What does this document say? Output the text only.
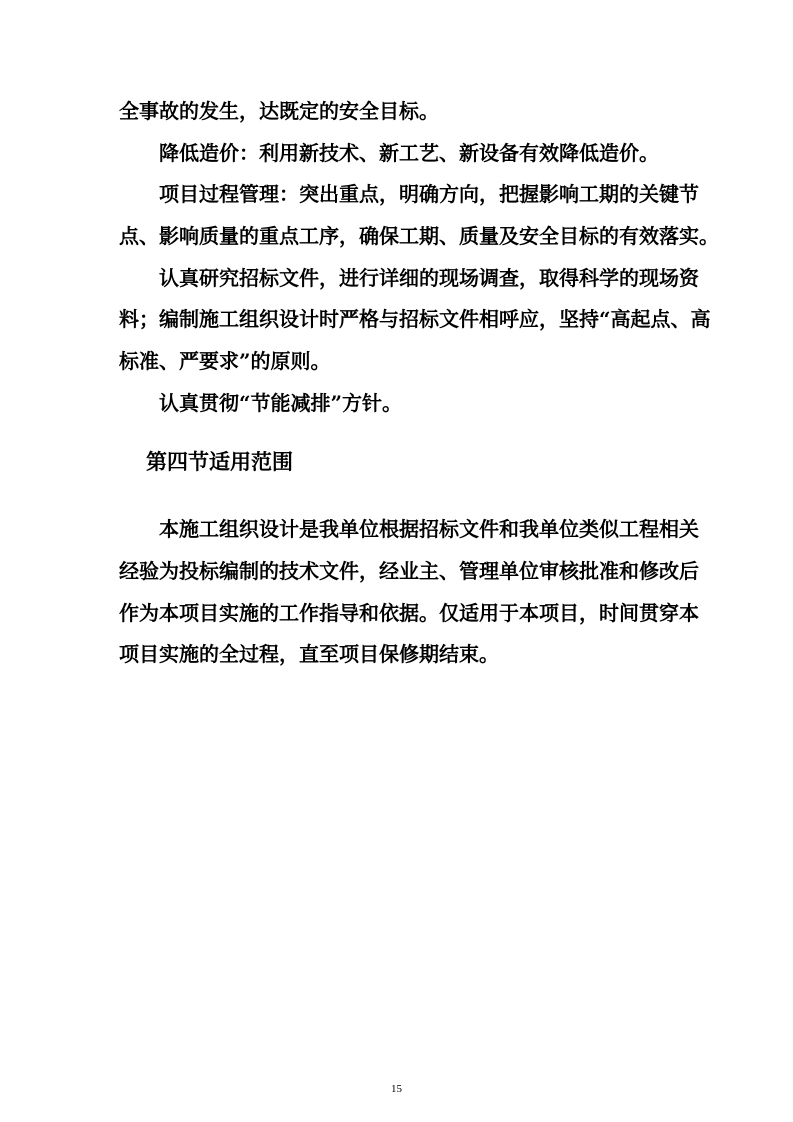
全事故的发生，达既定的安全目标。

降低造价：利用新技术、新工艺、新设备有效降低造价。

项目过程管理：突出重点，明确方向，把握影响工期的关键节

点、影响质量的重点工序，确保工期、质量及安全目标的有效落实。

认真研究招标文件，进行详细的现场调查，取得科学的现场资

料；编制施工组织设计时严格与招标文件相呼应，坚持“高起点、高

标准、严要求”的原则。

认真贯彻“节能减排”方针。

第四节适用范围

本施工组织设计是我单位根据招标文件和我单位类似工程相关

经验为投标编制的技术文件，经业主、管理单位审核批准和修改后

作为本项目实施的工作指导和依据。仅适用于本项目，时间贯穿本

项目实施的全过程，直至项目保修期结束。

15
